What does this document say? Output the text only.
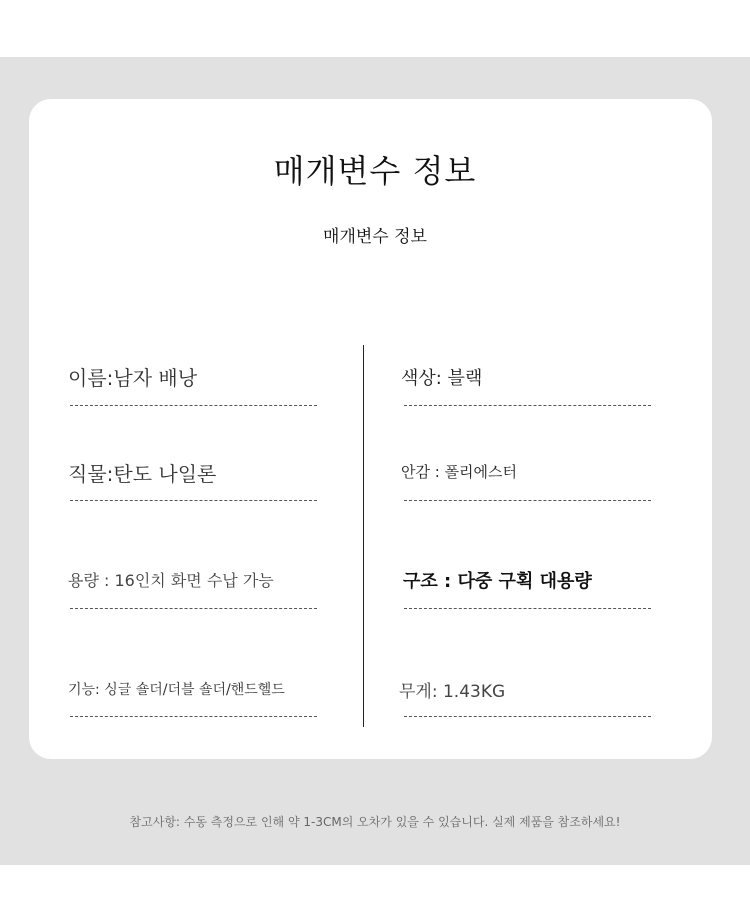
매개변수 정보
매개변수 정보
이름:남자 배낭
직물:탄도 나일론
용량 : 16인치 화면 수납 가능
기능: 싱글 숄더/더블 숄더/핸드헬드
색상: 블랙
안감 : 폴리에스터
구조 : 다중 구획 대용량
무게: 1.43KG
참고사항: 수동 측정으로 인해 약 1-3CM의 오차가 있을 수 있습니다. 실제 제품을 참조하세요!
